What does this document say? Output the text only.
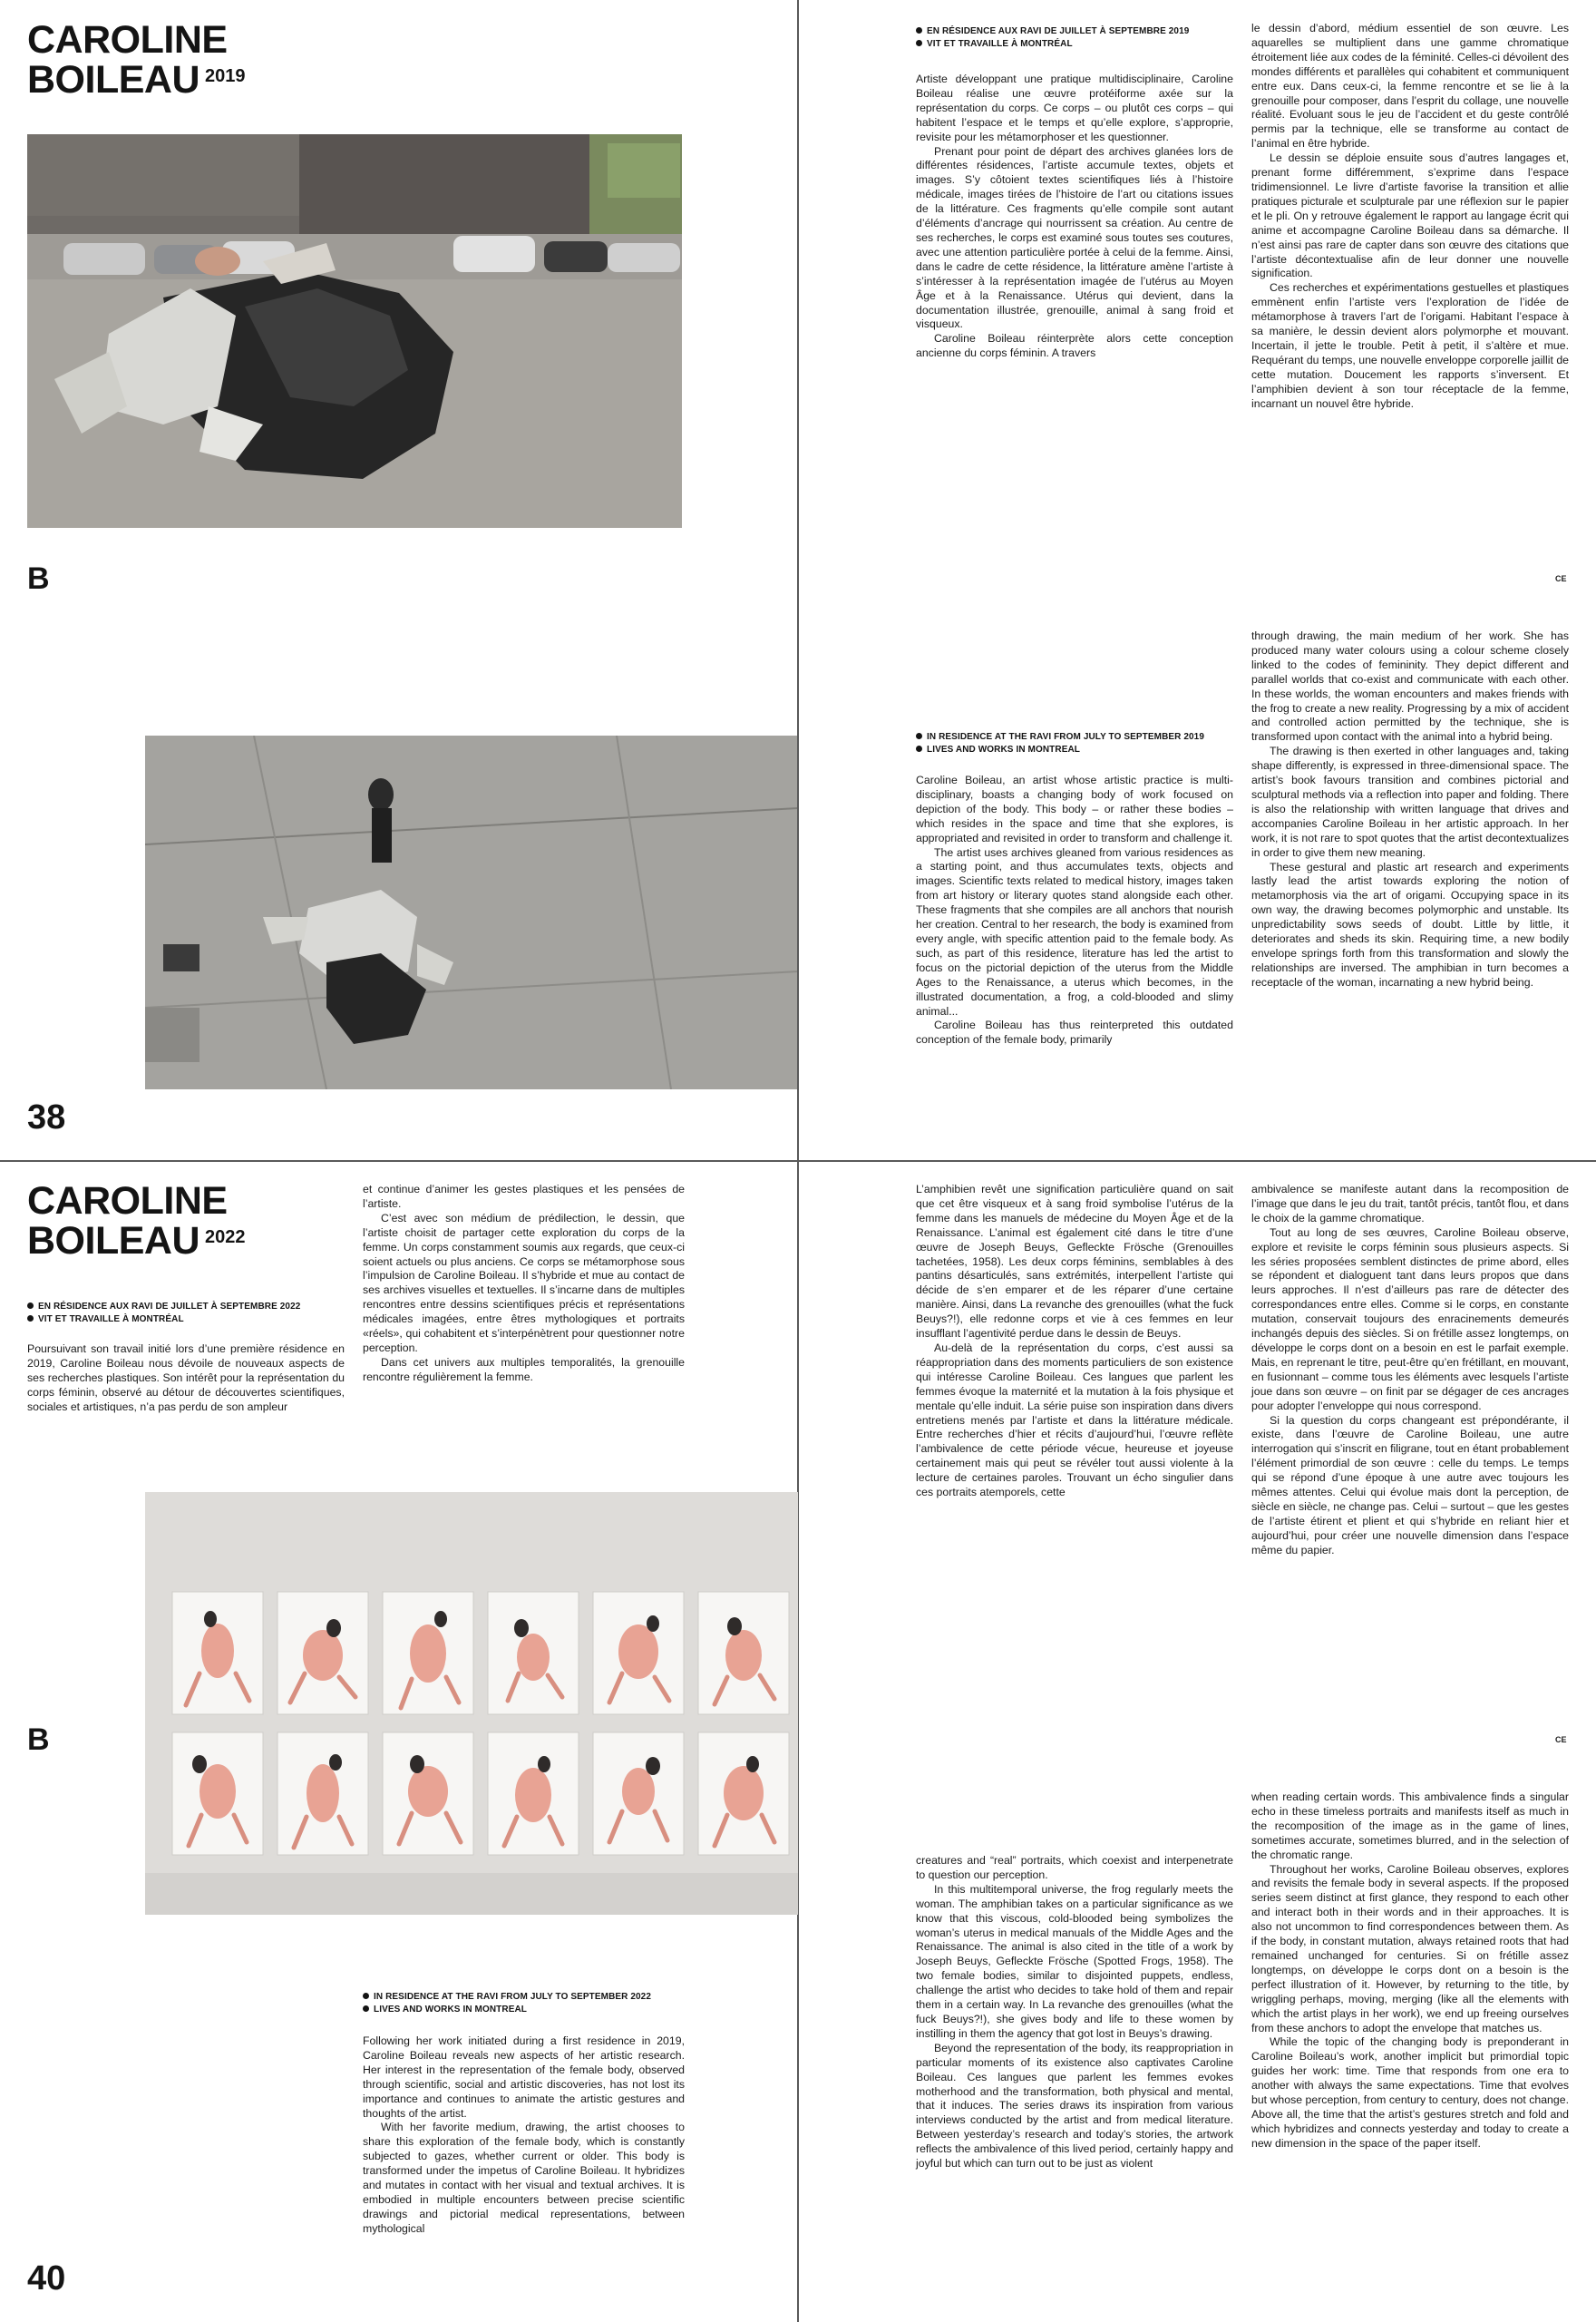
CAROLINE
BOILEAU $^{2019}$
B
38
EN RÉSIDENCE AUX RAVI DE JUILLET À SEPTEMBRE 2019
VIT ET TRAVAILLE À MONTRÉAL

Artiste développant une pratique multidisciplinaire, Caroline Boileau réalise une œuvre protéiforme axée sur la représentation du corps. Ce corps – ou plutôt ces corps – qui habitent l’espace et le temps et qu’elle explore, s’approprie, revisite pour les métamorphoser et les questionner.

Prenant pour point de départ des archives glanées lors de différentes résidences, l’artiste accumule textes, objets et images. S’y côtoient textes scientifiques liés à l’histoire médicale, images tirées de l’histoire de l’art ou citations issues de la littérature. Ces fragments qu’elle compile sont autant d’éléments d’ancrage qui nourrissent sa création. Au centre de ses recherches, le corps est examiné sous toutes ses coutures, avec une attention particulière portée à celui de la femme. Ainsi, dans le cadre de cette résidence, la littérature amène l’artiste à s’intéresser à la représentation imagée de l’utérus au Moyen Âge et à la Renaissance. Utérus qui devient, dans la documentation illustrée, grenouille, animal à sang froid et visqueux.

Caroline Boileau réinterprète alors cette conception ancienne du corps féminin. A travers

le dessin d’abord, médium essentiel de son œuvre. Les aquarelles se multiplient dans une gamme chromatique étroitement liée aux codes de la féminité. Celles-ci dévoilent des mondes différents et parallèles qui cohabitent et communiquent entre eux. Dans ceux-ci, la femme rencontre et se lie à la grenouille pour composer, dans l’esprit du collage, une nouvelle réalité. Evoluant sous le jeu de l’accident et du geste contrôlé permis par la technique, elle se transforme au contact de l’animal en être hybride.

Le dessin se déploie ensuite sous d’autres langages et, prenant forme différemment, s’exprime dans l’espace tridimensionnel. Le livre d’artiste favorise la transition et allie pratiques picturale et sculpturale par une réflexion sur le papier et le pli. On y retrouve également le rapport au langage écrit qui anime et accompagne Caroline Boileau dans sa démarche. Il n’est ainsi pas rare de capter dans son œuvre des citations que l’artiste décontextualise afin de leur donner une nouvelle signification.

Ces recherches et expérimentations gestuelles et plastiques emmènent enfin l’artiste vers l’exploration de l’idée de métamorphose à travers l’art de l’origami. Habitant l’espace à sa manière, le dessin devient alors polymorphe et mouvant. Incertain, il jette le trouble. Petit à petit, il s’altère et mue. Requérant du temps, une nouvelle enveloppe corporelle jaillit de cette mutation. Doucement les rapports s’inversent. Et l’amphibien devient à son tour réceptacle de la femme, incarnant un nouvel être hybride.

CE
IN RESIDENCE AT THE RAVI FROM JULY TO SEPTEMBER 2019
LIVES AND WORKS IN MONTREAL

Caroline Boileau, an artist whose artistic practice is multi-disciplinary, boasts a changing body of work focused on depiction of the body. This body – or rather these bodies – which resides in the space and time that she explores, is appropriated and revisited in order to transform and challenge it.

The artist uses archives gleaned from various residences as a starting point, and thus accumulates texts, objects and images. Scientific texts related to medical history, images taken from art history or literary quotes stand alongside each other. These fragments that she compiles are all anchors that nourish her creation. Central to her research, the body is examined from every angle, with specific attention paid to the female body. As such, as part of this residence, literature has led the artist to focus on the pictorial depiction of the uterus from the Middle Ages to the Renaissance, a uterus which becomes, in the illustrated documentation, a frog, a cold-blooded and slimy animal...

Caroline Boileau has thus reinterpreted this outdated conception of the female body, primarily

through drawing, the main medium of her work. She has produced many water colours using a colour scheme closely linked to the codes of femininity. They depict different and parallel worlds that co-exist and communicate with each other. In these worlds, the woman encounters and makes friends with the frog to create a new reality. Progressing by a mix of accident and controlled action permitted by the technique, she is transformed upon contact with the animal into a hybrid being.

The drawing is then exerted in other languages and, taking shape differently, is expressed in three-dimensional space. The artist’s book favours transition and combines pictorial and sculptural methods via a reflection into paper and folding. There is also the relationship with written language that drives and accompanies Caroline Boileau in her artistic approach. In her work, it is not rare to spot quotes that the artist decontextualizes in order to give them new meaning.

These gestural and plastic art research and experiments lastly lead the artist towards exploring the notion of metamorphosis via the art of origami. Occupying space in its own way, the drawing becomes polymorphic and unstable. Its unpredictability sows seeds of doubt. Little by little, it deteriorates and sheds its skin. Requiring time, a new bodily envelope springs forth from this transformation and slowly the relationships are inversed. The amphibian in turn becomes a receptacle of the woman, incarnating a new hybrid being.

CAROLINE
BOILEAU $^{2022}$
EN RÉSIDENCE AUX RAVI DE JUILLET À SEPTEMBRE 2022
VIT ET TRAVAILLE À MONTRÉAL

Poursuivant son travail initié lors d’une première résidence en 2019, Caroline Boileau nous dévoile de nouveaux aspects de ses recherches plastiques. Son intérêt pour la représentation du corps féminin, observé au détour de découvertes scientifiques, sociales et artistiques, n’a pas perdu de son ampleur

et continue d’animer les gestes plastiques et les pensées de l’artiste.

C’est avec son médium de prédilection, le dessin, que l’artiste choisit de partager cette exploration du corps de la femme. Un corps constamment soumis aux regards, que ceux-ci soient actuels ou plus anciens. Ce corps se métamorphose sous l’impulsion de Caroline Boileau. Il s’hybride et mue au contact de ses archives visuelles et textuelles. Il s’incarne dans de multiples rencontres entre dessins scientifiques précis et représentations médicales imagées, entre êtres mythologiques et portraits «réels», qui cohabitent et s’interpénètrent pour questionner notre perception.

Dans cet univers aux multiples temporalités, la grenouille rencontre régulièrement la femme.

B
IN RESIDENCE AT THE RAVI FROM JULY TO SEPTEMBER 2022
LIVES AND WORKS IN MONTREAL

Following her work initiated during a first residence in 2019, Caroline Boileau reveals new aspects of her artistic research. Her interest in the representation of the female body, observed through scientific, social and artistic discoveries, has not lost its importance and continues to animate the artistic gestures and thoughts of the artist.

With her favorite medium, drawing, the artist chooses to share this exploration of the female body, which is constantly subjected to gazes, whether current or older. This body is transformed under the impetus of Caroline Boileau. It hybridizes and mutates in contact with her visual and textual archives. It is embodied in multiple encounters between precise scientific drawings and pictorial medical representations, between mythological

40

L’amphibien revêt une signification particulière quand on sait que cet être visqueux et à sang froid symbolise l’utérus de la femme dans les manuels de médecine du Moyen Âge et de la Renaissance. L’animal est également cité dans le titre d’une œuvre de Joseph Beuys, Gefleckte Frösche (Grenouilles tachetées, 1958). Les deux corps féminins, semblables à des pantins désarticulés, sans extrémités, interpellent l’artiste qui décide de s’en emparer et de les réparer d’une certaine manière. Ainsi, dans La revanche des grenouilles (what the fuck Beuys?!), elle redonne corps et vie à ces femmes en leur insufflant l’agentivité perdue dans le dessin de Beuys.

Au-delà de la représentation du corps, c’est aussi sa réappropriation dans des moments particuliers de son existence qui intéresse Caroline Boileau. Ces langues que parlent les femmes évoque la maternité et la mutation à la fois physique et mentale qu’elle induit. La série puise son inspiration dans divers entretiens menés par l’artiste et dans la littérature médicale. Entre recherches d’hier et récits d’aujourd’hui, l’œuvre reflète l’ambivalence de cette période vécue, heureuse et joyeuse certainement mais qui peut se révéler tout aussi violente à la lecture de certaines paroles. Trouvant un écho singulier dans ces portraits atemporels, cette

ambivalence se manifeste autant dans la recomposition de l’image que dans le jeu du trait, tantôt précis, tantôt flou, et dans le choix de la gamme chromatique.

Tout au long de ses œuvres, Caroline Boileau observe, explore et revisite le corps féminin sous plusieurs aspects. Si les séries proposées semblent distinctes de prime abord, elles se répondent et dialoguent tant dans leurs propos que dans leurs approches. Il n’est d’ailleurs pas rare de détecter des correspondances entre elles. Comme si le corps, en constante mutation, conservait toujours des enracinements demeurés inchangés depuis des siècles. Si on frétille assez longtemps, on développe le corps dont on a besoin en est le parfait exemple. Mais, en reprenant le titre, peut-être qu’en frétillant, en mouvant, en fusionnant – comme tous les éléments avec lesquels l’artiste joue dans son œuvre – on finit par se dégager de ces ancrages pour adopter l’enveloppe qui nous correspond.

Si la question du corps changeant est prépondérante, il existe, dans l’œuvre de Caroline Boileau, une autre interrogation qui s’inscrit en filigrane, tout en étant probablement l’élément primordial de son œuvre : celle du temps. Le temps qui se répond d’une époque à une autre avec toujours les mêmes attentes. Celui qui évolue mais dont la perception, de siècle en siècle, ne change pas. Celui – surtout – que les gestes de l’artiste étirent et plient et qui s’hybride en reliant hier et aujourd’hui, pour créer une nouvelle dimension dans l’espace même du papier.

CE

creatures and “real” portraits, which coexist and interpenetrate to question our perception.

In this multitemporal universe, the frog regularly meets the woman. The amphibian takes on a particular significance as we know that this viscous, cold-blooded being symbolizes the woman’s uterus in medical manuals of the Middle Ages and the Renaissance. The animal is also cited in the title of a work by Joseph Beuys, Gefleckte Frösche (Spotted Frogs, 1958). The two female bodies, similar to disjointed puppets, endless, challenge the artist who decides to take hold of them and repair them in a certain way. In La revanche des grenouilles (what the fuck Beuys?!), she gives body and life to these women by instilling in them the agency that got lost in Beuys’s drawing.

Beyond the representation of the body, its reappropriation in particular moments of its existence also captivates Caroline Boileau. Ces langues que parlent les femmes evokes motherhood and the transformation, both physical and mental, that it induces. The series draws its inspiration from various interviews conducted by the artist and from medical literature. Between yesterday’s research and today’s stories, the artwork reflects the ambivalence of this lived period, certainly happy and joyful but which can turn out to be just as violent

when reading certain words. This ambivalence finds a singular echo in these timeless portraits and manifests itself as much in the recomposition of the image as in the game of lines, sometimes accurate, sometimes blurred, and in the selection of the chromatic range.

Throughout her works, Caroline Boileau observes, explores and revisits the female body in several aspects. If the proposed series seem distinct at first glance, they respond to each other and interact both in their words and in their approaches. It is also not uncommon to find correspondences between them. As if the body, in constant mutation, always retained roots that had remained unchanged for centuries. Si on frétille assez longtemps, on développe le corps dont on a besoin is the perfect illustration of it. However, by returning to the title, by wriggling perhaps, moving, merging (like all the elements with which the artist plays in her work), we end up freeing ourselves from these anchors to adopt the envelope that matches us.

While the topic of the changing body is preponderant in Caroline Boileau’s work, another implicit but primordial topic guides her work: time. Time that responds from one era to another with always the same expectations. Time that evolves but whose perception, from century to century, does not change. Above all, the time that the artist’s gestures stretch and fold and which hybridizes and connects yesterday and today to create a new dimension in the space of the paper itself.
